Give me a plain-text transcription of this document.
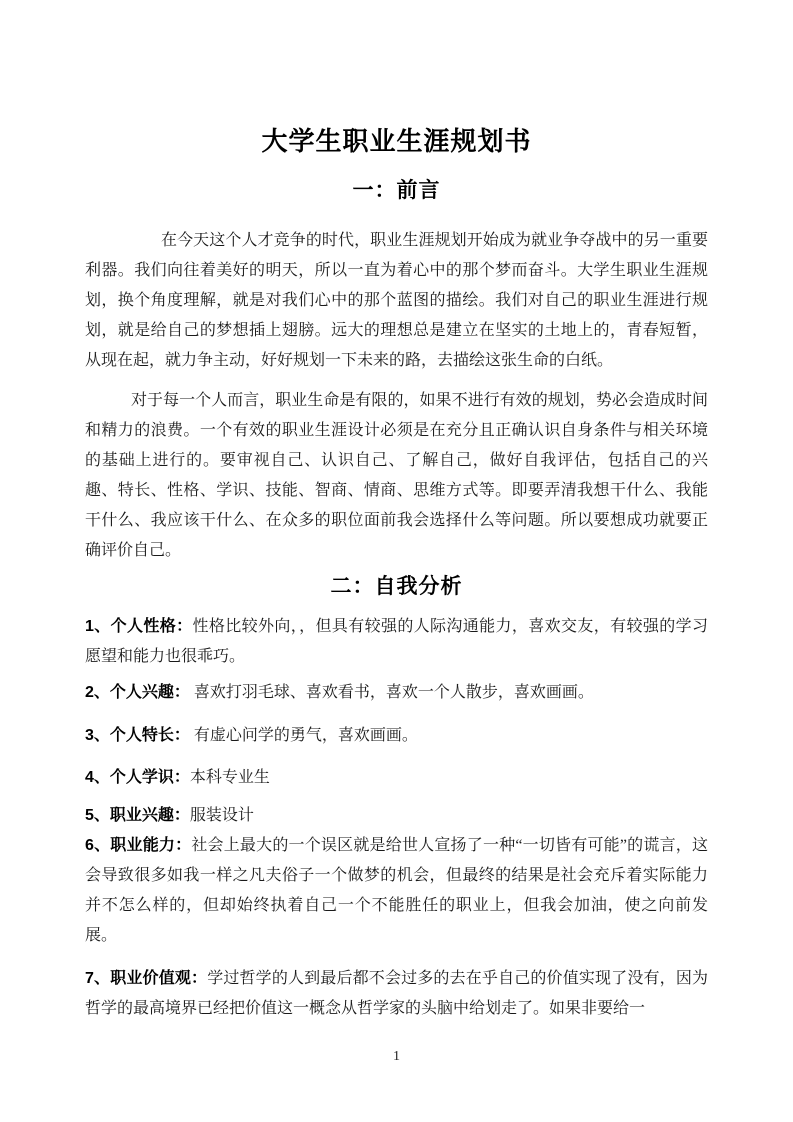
大学生职业生涯规划书
一：前言

在今天这个人才竞争的时代，职业生涯规划开始成为就业争夺战中的另一重要利器。我们向往着美好的明天，所以一直为着心中的那个梦而奋斗。大学生职业生涯规划，换个角度理解，就是对我们心中的那个蓝图的描绘。我们对自己的职业生涯进行规划，就是给自己的梦想插上翅膀。远大的理想总是建立在坚实的土地上的，青春短暂，从现在起，就力争主动，好好规划一下未来的路，去描绘这张生命的白纸。

对于每一个人而言，职业生命是有限的，如果不进行有效的规划，势必会造成时间和精力的浪费。一个有效的职业生涯设计必须是在充分且正确认识自身条件与相关环境的基础上进行的。要审视自己、认识自己、了解自己，做好自我评估，包括自己的兴趣、特长、性格、学识、技能、智商、情商、思维方式等。即要弄清我想干什么、我能干什么、我应该干什么、在众多的职位面前我会选择什么等问题。所以要想成功就要正确评价自己。

二：自我分析

1、个人性格：性格比较外向，，但具有较强的人际沟通能力，喜欢交友，有较强的学习愿望和能力也很乖巧。

2、个人兴趣： 喜欢打羽毛球、喜欢看书，喜欢一个人散步，喜欢画画。

3、个人特长： 有虚心问学的勇气，喜欢画画。

4、个人学识：本科专业生

5、职业兴趣：服装设计

6、职业能力：社会上最大的一个误区就是给世人宣扬了一种“一切皆有可能”的谎言，这会导致很多如我一样之凡夫俗子一个做梦的机会，但最终的结果是社会充斥着实际能力并不怎么样的，但却始终执着自己一个不能胜任的职业上，但我会加油，使之向前发展。

7、职业价值观：学过哲学的人到最后都不会过多的去在乎自己的价值实现了没有，因为哲学的最高境界已经把价值这一概念从哲学家的头脑中给划走了。如果非要给一

1
